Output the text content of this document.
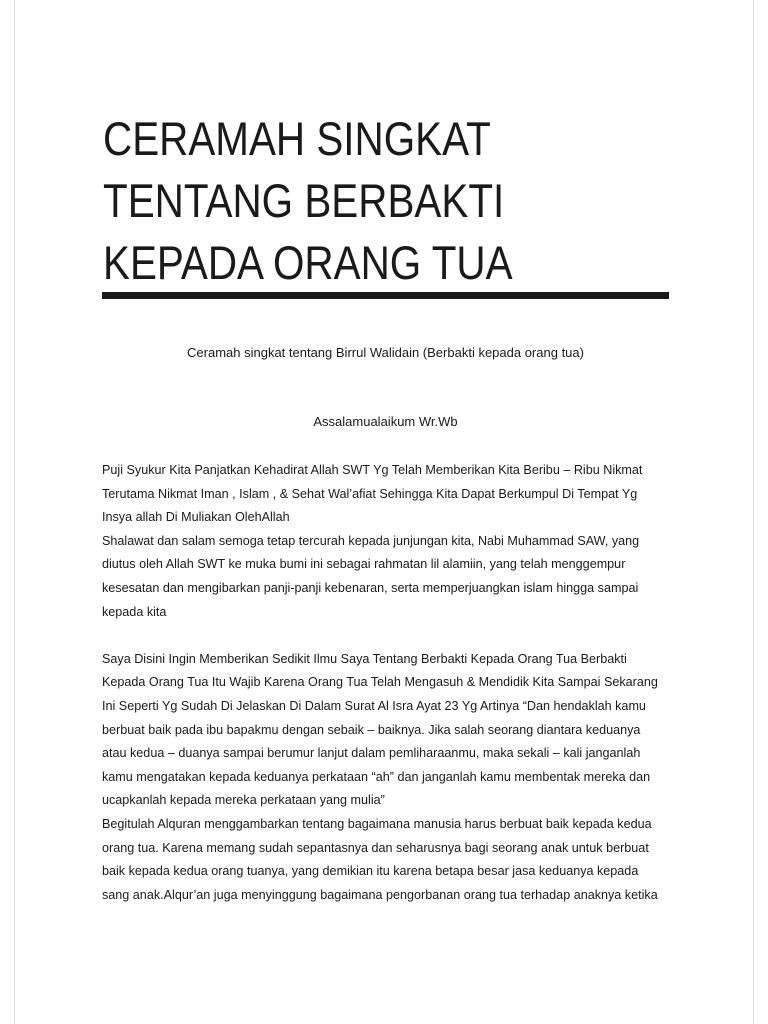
CERAMAH SINGKAT
TENTANG BERBAKTI
KEPADA ORANG TUA
Ceramah singkat tentang Birrul Walidain (Berbakti kepada orang tua)
Assalamualaikum Wr.Wb

Puji Syukur Kita Panjatkan Kehadirat Allah SWT Yg Telah Memberikan Kita Beribu – Ribu Nikmat
Terutama Nikmat Iman , Islam , & Sehat Wal’afiat Sehingga Kita Dapat Berkumpul Di Tempat Yg
Insya allah Di Muliakan OlehAllah

Shalawat dan salam semoga tetap tercurah kepada junjungan kita, Nabi Muhammad SAW, yang
diutus oleh Allah SWT ke muka bumi ini sebagai rahmatan lil alamiin, yang telah menggempur
kesesatan dan mengibarkan panji-panji kebenaran, serta memperjuangkan islam hingga sampai
kepada kita

Saya Disini Ingin Memberikan Sedikit Ilmu Saya Tentang Berbakti Kepada Orang Tua Berbakti
Kepada Orang Tua Itu Wajib Karena Orang Tua Telah Mengasuh & Mendidik Kita Sampai Sekarang
Ini Seperti Yg Sudah Di Jelaskan Di Dalam Surat Al Isra Ayat 23 Yg Artinya “Dan hendaklah kamu
berbuat baik pada ibu bapakmu dengan sebaik – baiknya. Jika salah seorang diantara keduanya
atau kedua – duanya sampai berumur lanjut dalam pemliharaanmu, maka sekali – kali janganlah
kamu mengatakan kepada keduanya perkataan “ah” dan janganlah kamu membentak mereka dan
ucapkanlah kepada mereka perkataan yang mulia”

Begitulah Alquran menggambarkan tentang bagaimana manusia harus berbuat baik kepada kedua
orang tua. Karena memang sudah sepantasnya dan seharusnya bagi seorang anak untuk berbuat
baik kepada kedua orang tuanya, yang demikian itu karena betapa besar jasa keduanya kepada
sang anak.Alqur’an juga menyinggung bagaimana pengorbanan orang tua terhadap anaknya ketika
